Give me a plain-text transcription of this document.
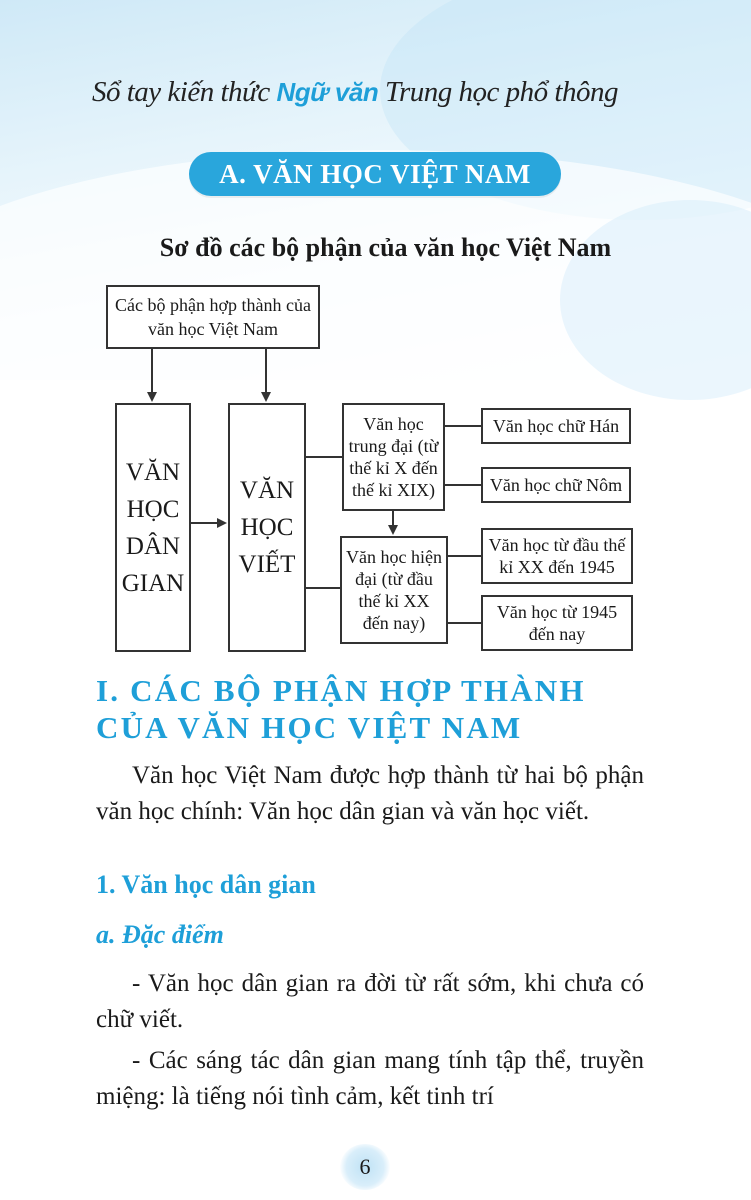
Sổ tay kiến thức Ngữ văn Trung học phổ thông
A. VĂN HỌC VIỆT NAM
Sơ đồ các bộ phận của văn học Việt Nam
Các bộ phận hợp thành của
văn học Việt Nam
VĂN
HỌC
DÂN
GIAN
VĂN
HỌC
VIẾT
Văn học
trung đại (từ
thế kỉ X đến
thế kỉ XIX)
Văn học hiện
đại (từ đầu
thế kỉ XX
đến nay)
Văn học chữ Hán
Văn học chữ Nôm
Văn học từ đầu thế
kỉ XX đến 1945
Văn học từ 1945
đến nay
I. CÁC BỘ PHẬN HỢP THÀNH CỦA VĂN HỌC VIỆT NAM
Văn học Việt Nam được hợp thành từ hai bộ phận văn học chính: Văn học dân gian và văn học viết.
1. Văn học dân gian
a. Đặc điểm
- Văn học dân gian ra đời từ rất sớm, khi chưa có chữ viết.
- Các sáng tác dân gian mang tính tập thể, truyền miệng: là tiếng nói tình cảm, kết tinh trí
6
